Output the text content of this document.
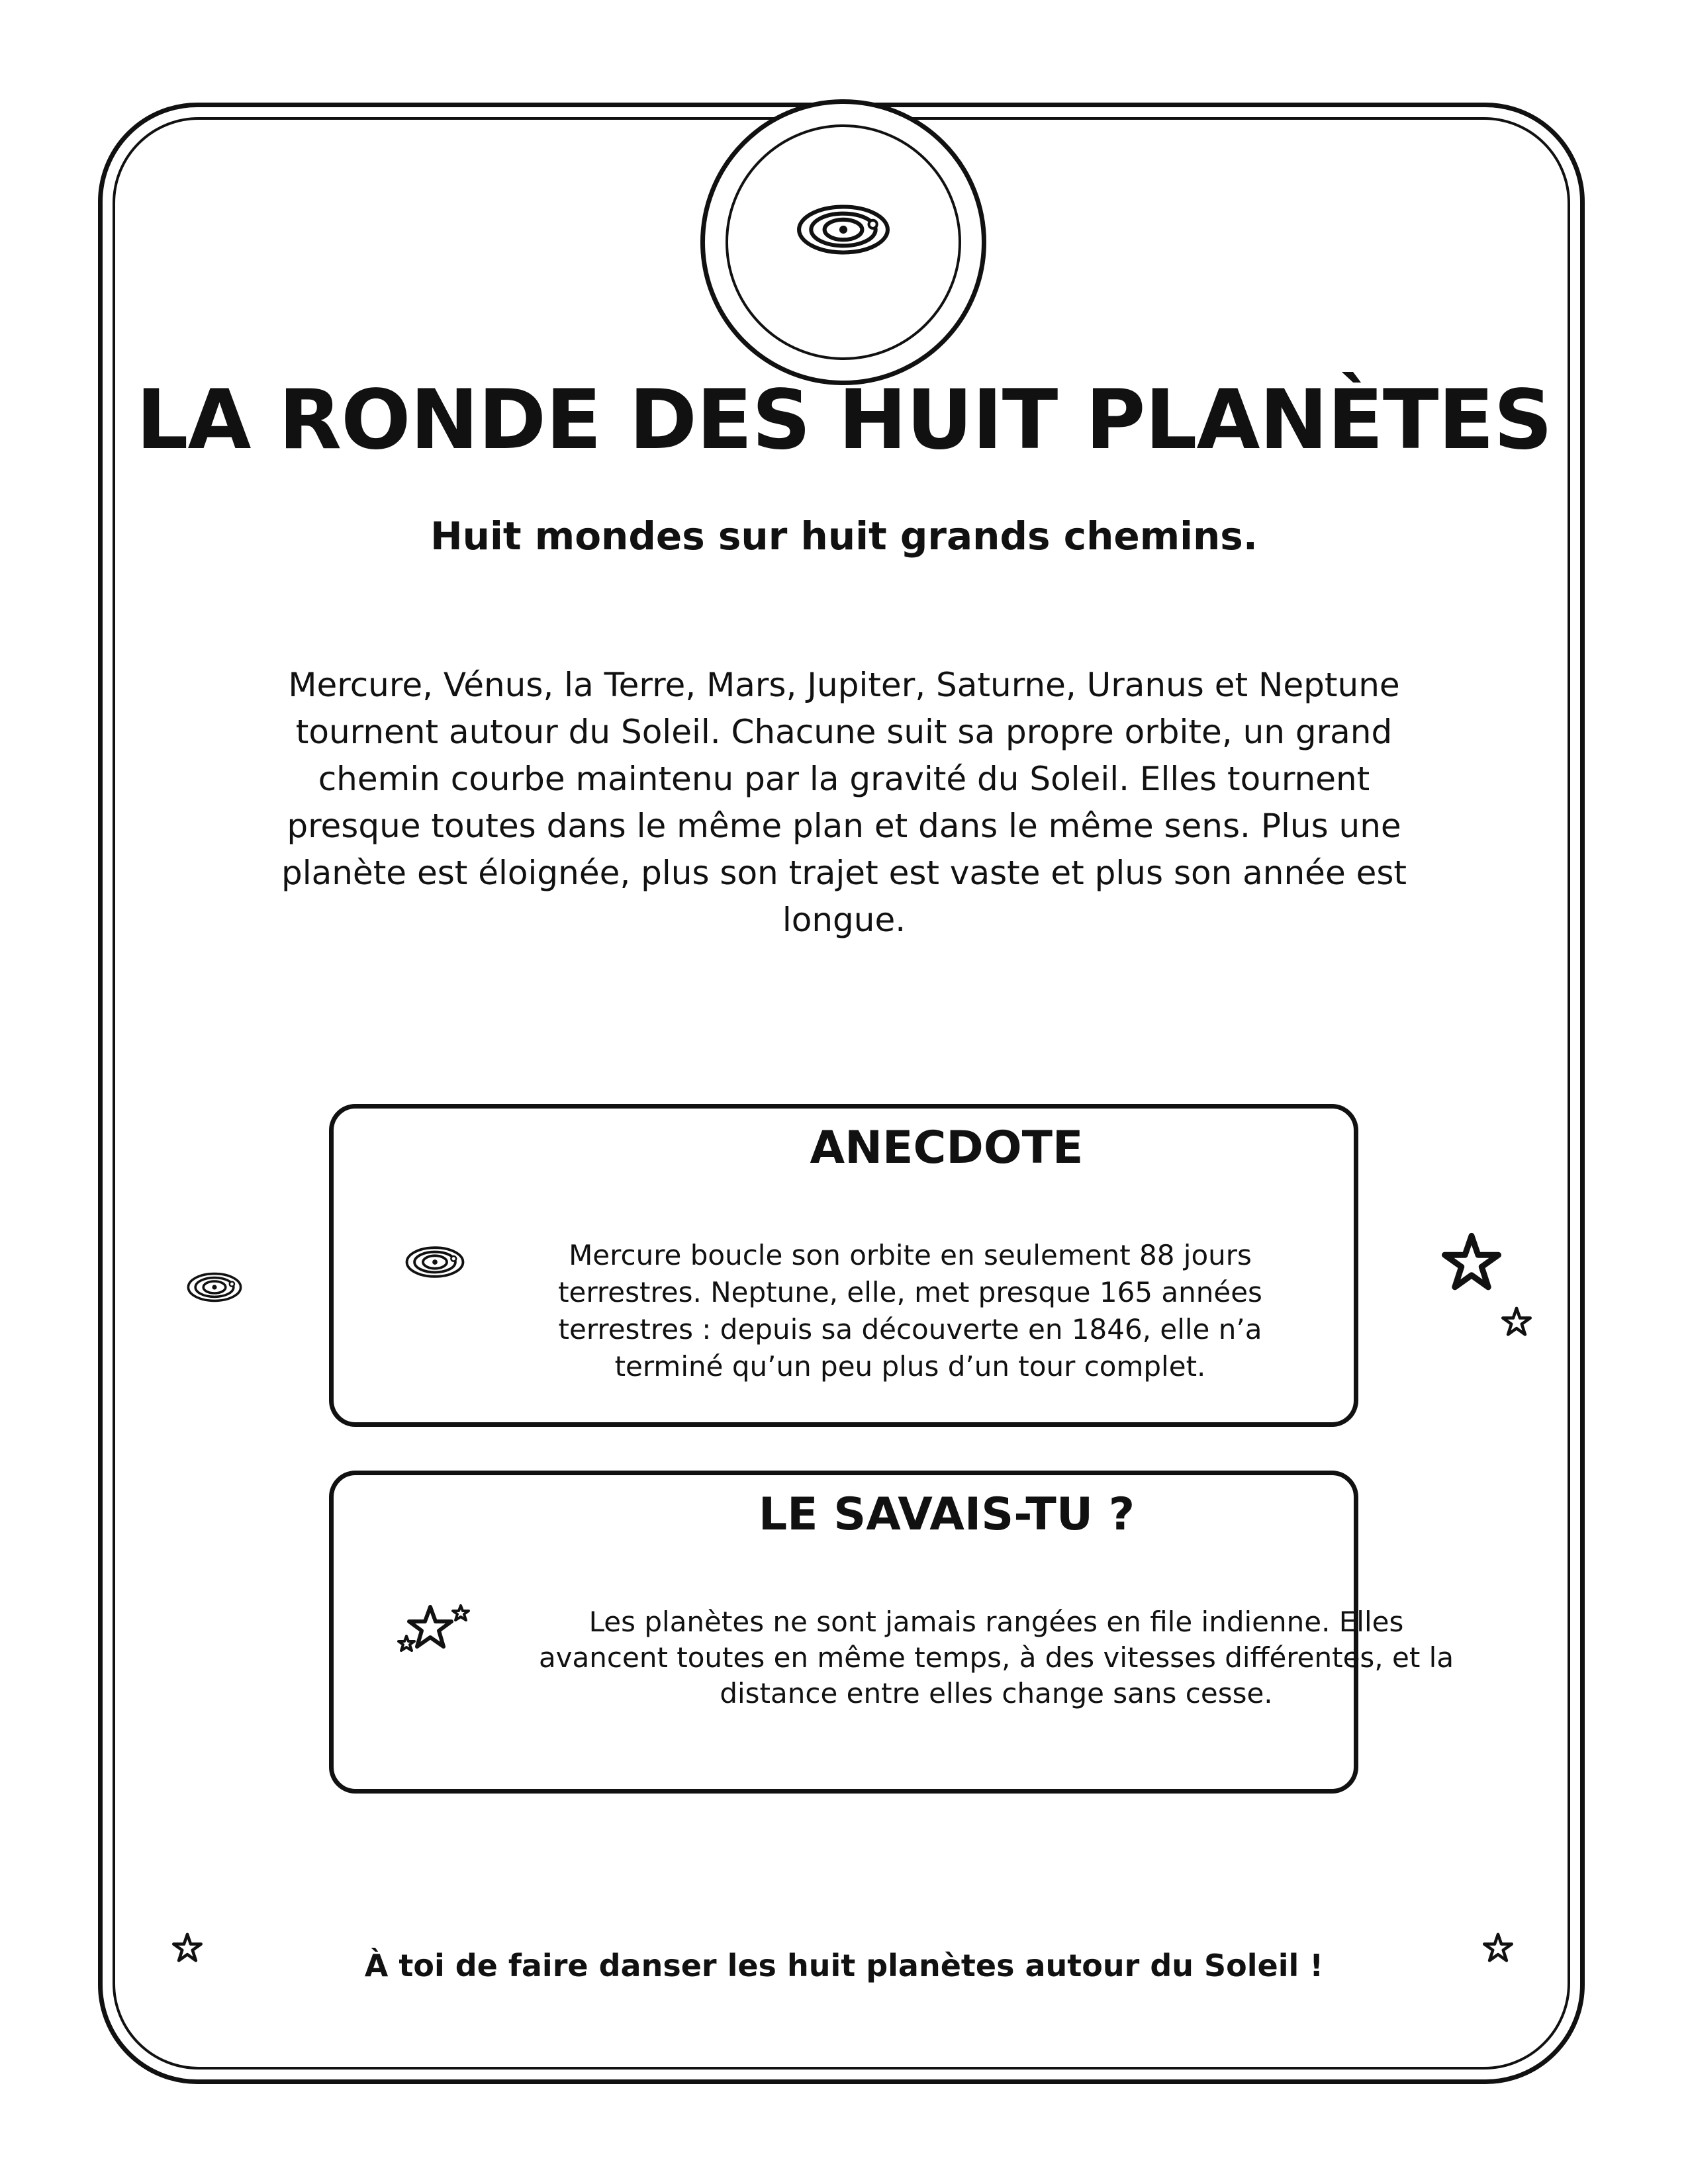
LA RONDE DES HUIT PLANÈTES
Huit mondes sur huit grands chemins.
Mercure, Vénus, la Terre, Mars, Jupiter, Saturne, Uranus et Neptune tournent autour du Soleil. Chacune suit sa propre orbite, un grand chemin courbe maintenu par la gravité du Soleil. Elles tournent presque toutes dans le même plan et dans le même sens. Plus une planète est éloignée, plus son trajet est vaste et plus son année est longue.
ANECDOTE
Mercure boucle son orbite en seulement 88 jours terrestres. Neptune, elle, met presque 165 années terrestres : depuis sa découverte en 1846, elle n’a terminé qu’un peu plus d’un tour complet.
LE SAVAIS-TU ?
Les planètes ne sont jamais rangées en file indienne. Elles avancent toutes en même temps, à des vitesses différentes, et la distance entre elles change sans cesse.
À toi de faire danser les huit planètes autour du Soleil !
